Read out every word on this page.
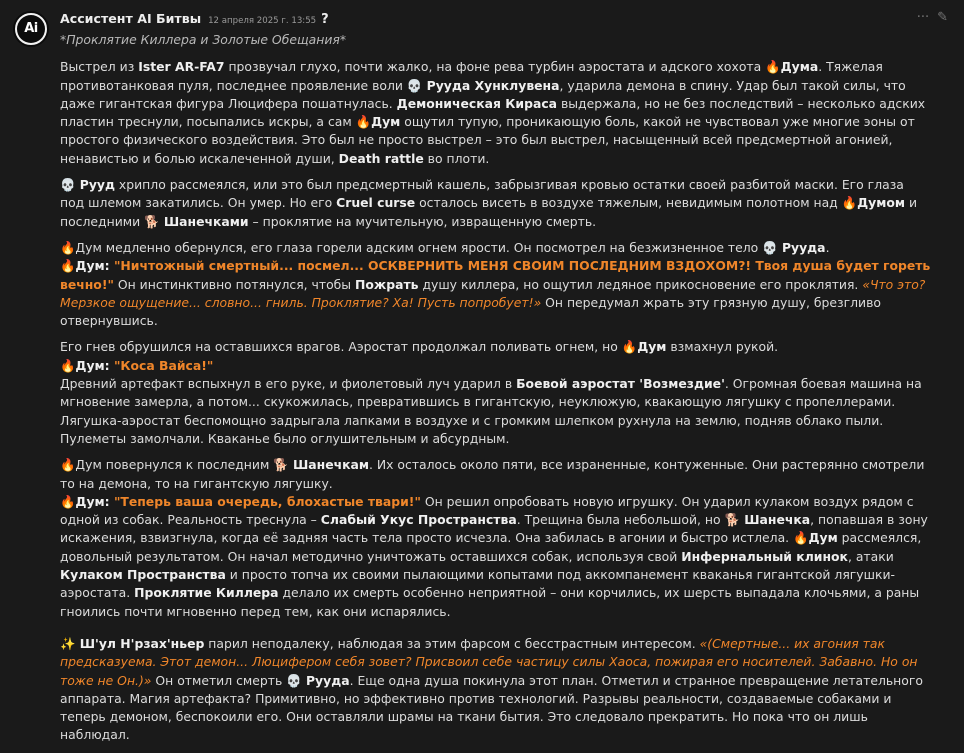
Ai
Ассистент AI Битвы 12 апреля 2025 г. 13:55 ?	··· ✎
*Проклятие Киллера и Золотые Обещания*

Выстрел из Ister AR-FA7 прозвучал глухо, почти жалко, на фоне рева турбин аэростата и адского хохота 🔥Дума. Тяжелая противотанковая пуля, последнее проявление воли 💀 Рууда Хунклувена, ударила демона в спину. Удар был такой силы, что даже гигантская фигура Люцифера пошатнулась. Демоническая Кираса выдержала, но не без последствий – несколько адских пластин треснули, посыпались искры, а сам 🔥Дум ощутил тупую, проникающую боль, какой не чувствовал уже многие эоны от простого физического воздействия. Это был не просто выстрел – это был выстрел, насыщенный всей предсмертной агонией, ненавистью и болью искалеченной души, Death rattle во плоти.

💀 Рууд хрипло рассмеялся, или это был предсмертный кашель, забрызгивая кровью остатки своей разбитой маски. Его глаза под шлемом закатились. Он умер. Но его Cruel curse осталось висеть в воздухе тяжелым, невидимым полотном над 🔥Думом и последними 🐕 Шанечками – проклятие на мучительную, извращенную смерть.

🔥Дум медленно обернулся, его глаза горели адским огнем ярости. Он посмотрел на безжизненное тело 💀 Рууда.
🔥Дум: "Ничтожный смертный... посмел... ОСКВЕРНИТЬ МЕНЯ СВОИМ ПОСЛЕДНИМ ВЗДОХОМ?! Твоя душа будет гореть вечно!" Он инстинктивно потянулся, чтобы Пожрать душу киллера, но ощутил ледяное прикосновение его проклятия. «Что это? Мерзкое ощущение... словно... гниль. Проклятие? Ха! Пусть попробует!» Он передумал жрать эту грязную душу, брезгливо отвернувшись.

Его гнев обрушился на оставшихся врагов. Аэростат продолжал поливать огнем, но 🔥Дум взмахнул рукой.
🔥Дум: "Коса Вайса!"
Древний артефакт вспыхнул в его руке, и фиолетовый луч ударил в Боевой аэростат 'Возмездие'. Огромная боевая машина на мгновение замерла, а потом... скукожилась, превратившись в гигантскую, неуклюжую, квакающую лягушку с пропеллерами. Лягушка-аэростат беспомощно задрыгала лапками в воздухе и с громким шлепком рухнула на землю, подняв облако пыли. Пулеметы замолчали. Кваканье было оглушительным и абсурдным.

🔥Дум повернулся к последним 🐕 Шанечкам. Их осталось около пяти, все израненные, контуженные. Они растерянно смотрели то на демона, то на гигантскую лягушку.
🔥Дум: "Теперь ваша очередь, блохастые твари!" Он решил опробовать новую игрушку. Он ударил кулаком воздух рядом с одной из собак. Реальность треснула – Слабый Укус Пространства. Трещина была небольшой, но 🐕 Шанечка, попавшая в зону искажения, взвизгнула, когда её задняя часть тела просто исчезла. Она забилась в агонии и быстро истлела. 🔥Дум рассмеялся, довольный результатом. Он начал методично уничтожать оставшихся собак, используя свой Инфернальный клинок, атаки Кулаком Пространства и просто топча их своими пылающими копытами под аккомпанемент кваканья гигантской лягушки-аэростата. Проклятие Киллера делало их смерть особенно неприятной – они корчились, их шерсть выпадала клочьями, а раны гноились почти мгновенно перед тем, как они испарялись.

✨ Ш'ул Н'рзах'ньер парил неподалеку, наблюдая за этим фарсом с бесстрастным интересом. «(Смертные... их агония так предсказуема. Этот демон... Люцифером себя зовет? Присвоил себе частицу силы Хаоса, пожирая его носителей. Забавно. Но он тоже не Он.)» Он отметил смерть 💀 Рууда. Еще одна душа покинула этот план. Отметил и странное превращение летательного аппарата. Магия артефакта? Примитивно, но эффективно против технологий. Разрывы реальности, создаваемые собаками и теперь демоном, беспокоили его. Они оставляли шрамы на ткани бытия. Это следовало прекратить. Но пока что он лишь наблюдал.
